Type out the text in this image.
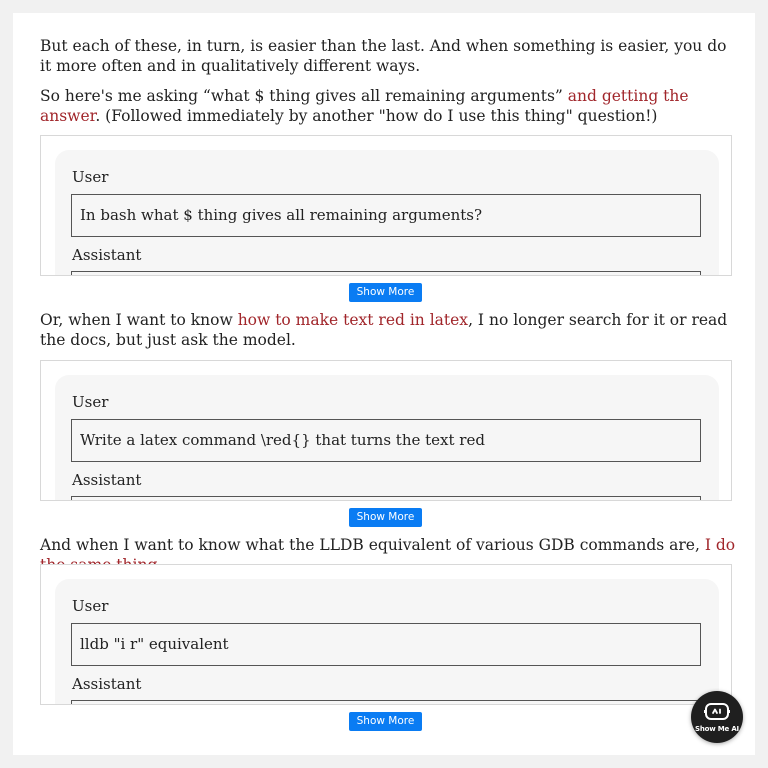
But each of these, in turn, is easier than the last. And when something is easier, you do it more often and in qualitatively different ways.

So here's me asking “what $ thing gives all remaining arguments” and getting the answer. (Followed immediately by another "how do I use this thing" question!)

User
In bash what $ thing gives all remaining arguments?
Assistant
Show More

Or, when I want to know how to make text red in latex, I no longer search for it or read the docs, but just ask the model.

User
Write a latex command \red{} that turns the text red
Assistant
Show More

And when I want to know what the LLDB equivalent of various GDB commands are, I do

User
lldb "i r" equivalent
Assistant
Show More
Show Me AI
